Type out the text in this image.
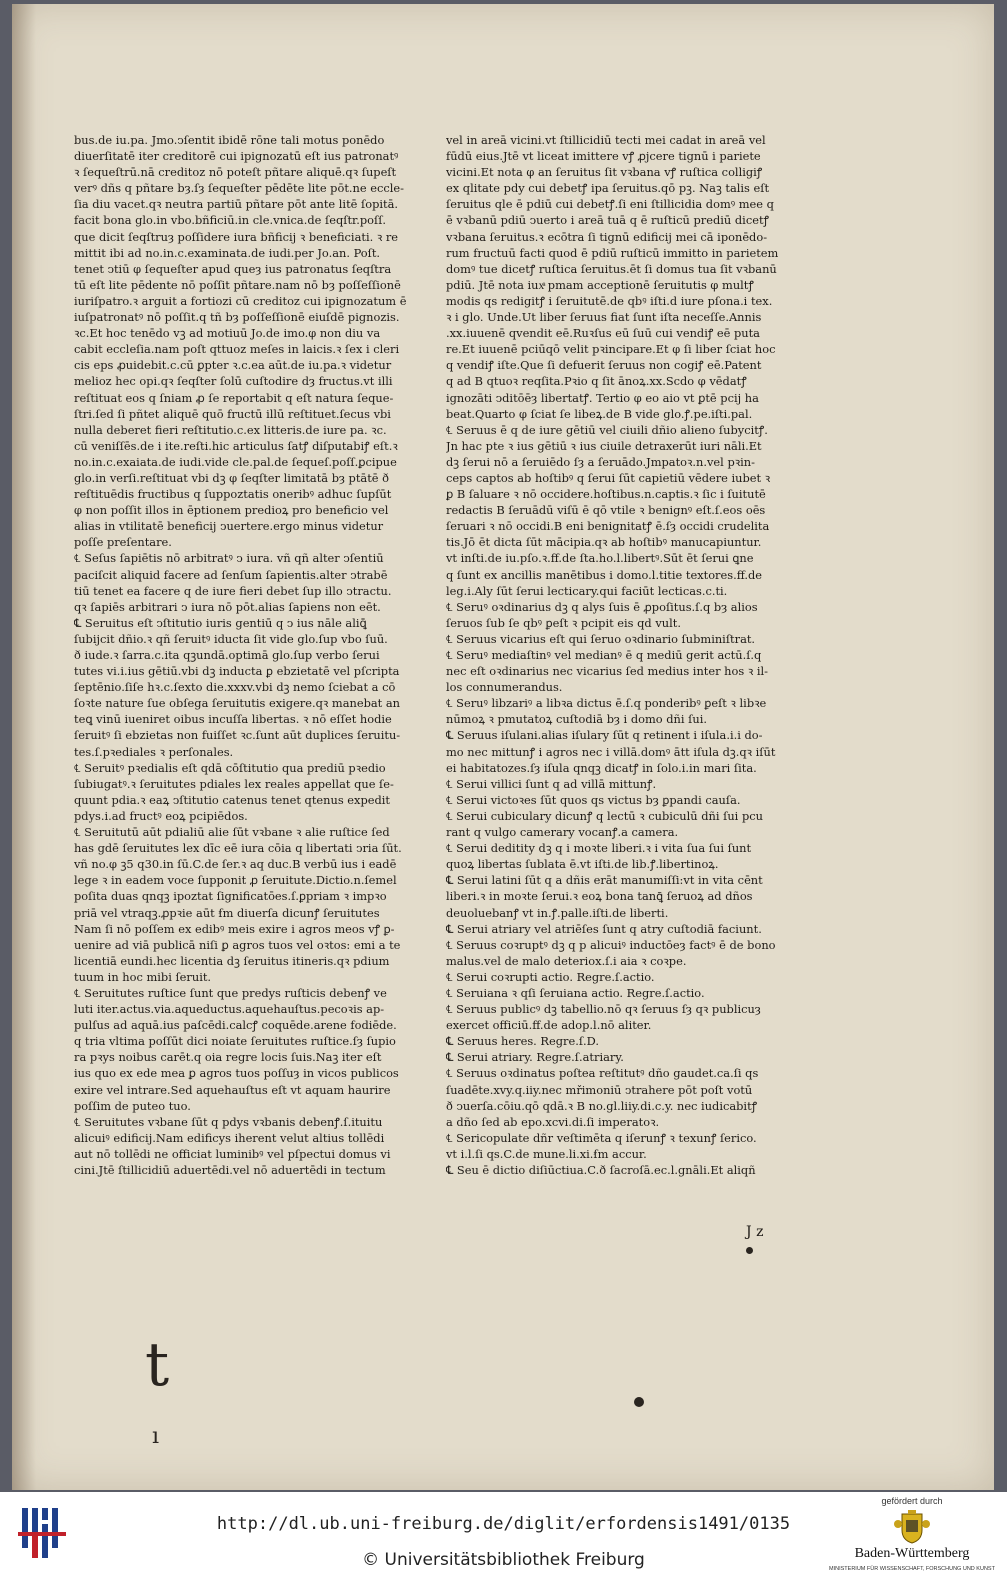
bus.de iu.pa. Jmo.ↄſentit ibidē rōne tali motus ponēdo
diuerſitatē iter creditorē cui ipignozatū eſt ius patronatꝰ
ꝛ ſequeſtrū.nā creditoz nō poteſt pñtare aliquē.qꝛ ſupeſt
verꝰ dñs q pñtare bȝ.ſȝ ſequeſter pēdēte lite pōt.ne eccle-
ſia diu vacet.qꝛ neutra partiū pñtare pōt ante litē ſopitā.
facit bona glo.in vbo.bñficiū.in cle.vnica.de ſeqſtr.poſſ.
que dicit ſeqſtruȝ poſſidere iura bñficij ꝛ beneficiati. ꝛ re
mittit ibi ad no.in.c.examinata.de iudi.per Jo.an. Poſt.
tenet ↄtiū φ ſequeſter apud queȝ ius patronatus ſeqſtra
tū eſt lite pēdente nō poſſit pñtare.nam nō bȝ poſſeſſionē
iuriſpatro.ꝛ arguit a fortiozi cū creditoz cui ipignozatum ē
iuſpatronatꝰ nō poſſit.q tñ bȝ poſſeſſionē eiuſdē pignozis.
ꝛc.Et hoc tenēdo vꝫ ad motiuū Jo.de imo.φ non diu va
cabit eccleſia.nam poſt qttuoz meſes in laicis.ꝛ ſex i cleri
cis eps ꝓuidebit.c.cū ꝑpter ꝛ.c.ea aūt.de iu.pa.ꝛ videtur
melioz hec opi.qꝛ ſeqſter ſolū cuſtodire dȝ fructus.vt illi
reſtituat eos q ſniam ꝓ ſe reportabit q eſt natura ſeque-
ſtri.ſed ſi pñtet aliquē quō fructū illū reſtituet.ſecus vbi
nulla deberet fieri reſtitutio.c.ex litteris.de iure pa. ꝛc.
cū veniſſēs.de i ite.reſti.hic articulus ſatꝭ diſputabiꝭ eſt.ꝛ
no.in.c.exaiata.de iudi.vide cle.pal.de ſequeſ.poſſ.ꝑcipue
glo.in verſi.reſtituat vbi dꝫ φ ſeqſter limitatā bȝ ptātē ð
reſtituēdis fructibus q ſuppoztatis oneribꝰ adhuc ſupſūt
φ non poſſit illos in ēptionem predioꝝ pro beneficio vel
alias in vtilitatē beneficij ↄuertere.ergo minus videtur
poſſe preſentare.
℄ Seſus ſapiētis nō arbitratꝰ ↄ iura. vñ qñ alter ↄſentiū
paciſcit aliquid facere ad ſenſum ſapientis.alter ↄtrabē
tiū tenet ea facere q de iure fieri debet ſup illo ↄtractu.
qꝛ ſapiēs arbitrari ↄ iura nō pōt.alias ſapiens non eēt.
℄ Seruitus eſt ↄſtitutio iuris gentiū q ↄ ius nāle aliꝗ̄
ſubijcit dñio.ꝛ qñ ſeruitꝰ iducta ſit vide glo.ſup vbo ſuū.
ð iude.ꝛ ſarra.c.ita qꝫundā.optimā glo.ſup verbo ſerui
tutes vi.i.ius gētiū.vbi dꝫ inducta ꝑ ebzietatē vel pſcripta
ſeptēnio.ſiſe hꝛ.c.ſexto die.xxxv.vbi dꝫ nemo ſciebat a cō
ſoꝛte nature ſue obſega ſeruitutis exigere.qꝛ manebat an
teꝗ vinū iueniret oibus incuſſa libertas. ꝛ nō eſſet hodie
ſeruitꝰ ſi ebzietas non fuiſſet ꝛc.ſunt aūt duplices ſeruitu-
tes.ſ.pꝛediales ꝛ perſonales.
℄ Seruitꝰ pꝛedialis eſt qdā cōſtitutio qua prediū pꝛedio
ſubiugatꝰ.ꝛ ſeruitutes pdiales lex reales appellat que ſe-
quunt pdia.ꝛ eaꝝ ↄſtitutio catenus tenet qtenus expedit
pdys.i.ad fructꝰ eoꝝ pcipiēdos.
℄ Seruitutū aūt pdialiū alie ſūt vꝛbane ꝛ alie ruſtice ſed
has gdē ſeruitutes lex dīc eē iura cōia q libertati ↄria ſūt.
vñ no.φ ꝫ5 q30.in ſū.C.de ſer.ꝛ aq duc.B verbū ius i eadē
lege ꝛ in eadem voce ſupponit ꝓ ſeruitute.Dictio.n.ſemel
poſita duas qnqꝫ ipoztat ſignificatōes.ſ.ꝑpriam ꝛ impꝛo
priā vel vtraqꝫ.ꝓpꝛie aūt ẜm diuerſa dicunꝭ ſeruitutes
Nam ſi nō poſſem ex edibꝰ meis exire i agros meos vꝭ ꝑ-
uenire ad viā publicā niſi ꝑ agros tuos vel oꝛtos: emi a te
licentiā eundi.hec licentia dꝫ ſeruitus itineris.qꝛ pdium
tuum in hoc mibi ſeruit.
℄ Seruitutes ruſtice ſunt que predys ruſticis debenꝭ ve
luti iter.actus.via.aqueductus.aquehauſtus.pecoꝛis ap-
pulſus ad aquā.ius paſcēdi.calcꝭ coquēde.arene fodiēde.
q tria vltima poſſūt dici noiate ſeruitutes ruſtice.ſȝ ſupio
ra pꝛys noibus carēt.q oia regre locis ſuis.Naꝫ iter eſt
ius quo ex ede mea ꝑ agros tuos poſſuȝ in vicos publicos
exire vel intrare.Sed aquehauſtus eſt vt aquam haurire
poſſim de puteo tuo.
℄ Seruitutes vꝛbane ſūt q pdys vꝛbanis debenꝭ.ſ.ituitu
alicuiꝰ edificij.Nam edificys iherent velut altius tollēdi
aut nō tollēdi ne officiat luminibꝰ vel pſpectui domus vi
cini.Jtē ſtillicidiū aduertēdi.vel nō aduertēdi in tectum
vel in areā vicini.vt ſtillicidiū tecti mei cadat in areā vel
fūdū eius.Jtē vt liceat imittere vꝭ ꝓjcere tignū i pariete
vicini.Et nota φ an ſeruitus ſit vꝛbana vꝭ ruſtica colligiꝭ
ex qlitate pdy cui debetꝭ ipa ſeruitus.qō pꝫ. Naꝫ talis eſt
ſeruitus qle ē pdiū cui debetꝭ.ſi eni ſtillicidia domꝰ mee q
ē vꝛbanū pdiū ↄuerto i areā tuā q ē ruſticū prediū dicetꝭ
vꝛbana ſeruitus.ꝛ ecōtra ſi tignū edificij mei cā iponēdo-
rum fructuū facti quod ē pdiū ruſticū immitto in parietem
domꝰ tue dicetꝭ ruſtica ſeruitus.ēt ſi domus tua ſit vꝛbanū
pdiū. Jtē nota iuxͣ pmam acceptionē ſeruitutis φ multꝭ
modis qs redigitꝭ i ſeruitutē.de qbꝰ iſti.d iure pſona.i tex.
ꝛ i glo. Unde.Ut liber ſeruus fiat ſunt iſta neceſſe.Annis
.xx.iuuenē qvendit eē.Ruꝛſus eū ſuū cui vendiꝭ eē puta
re.Et iuuenē pciūqō velit pꝛincipare.Et φ ſi liber ſciat hoc
q vendiꝭ iſte.Que ſi defuerit ſeruus non cogiꝭ eē.Patent
q ad B qtuoꝛ reqſita.Pꝛio q ſit ānoꝝ.xx.Scdo φ vēdatꝭ
ignozāti ↄditōēȝ libertatꝭ. Tertio φ eo aio vt ꝑtē pcij ha
beat.Quarto φ ſciat ſe libeꝝ.de B vide glo.ꝭ.pe.iſti.pal.
℄ Seruus ē q de iure gētiū vel ciuili dñio alieno ſubycitꝭ.
Jn hac pte ꝛ ius gētiū ꝛ ius ciuile detraxerūt iuri nāli.Et
dꝫ ſerui nō a ſeruiēdo ſȝ a ſeruādo.Jmpatoꝛ.n.vel pꝛin-
ceps captos ab hoſtibꝰ q ſerui ſūt capietiū vēdere iubet ꝛ
ꝑ B ſaluare ꝛ nō occidere.hoſtibus.n.captis.ꝛ ſic i ſuitutē
redactis B ſeruādū viſū ē qō vtile ꝛ benignꝰ eſt.ſ.eos oēs
ſeruari ꝛ nō occidi.B eni benignitatꝭ ē.ſȝ occidi crudelita
tis.Jō ēt dicta ſūt mācipia.qꝛ ab hoſtibꝰ manucapiuntur.
vt inſti.de iu.pſo.ꝛ.ff.de ſta.ho.l.libertꝰ.Sūt ēt ſerui ꝗne
q ſunt ex ancillis manētibus i domo.l.titie textores.ff.de
leg.i.Aly ſūt ſerui lecticary.qui faciūt lecticas.c.ti.
℄ Seruꝰ oꝛdinarius dꝫ q alys ſuis ē ꝓpoſitus.ſ.q bȝ alios
ſeruos ſub ſe qbꝰ ꝑeſt ꝛ pcipit eis qd vult.
℄ Seruus vicarius eſt qui ſeruo oꝛdinario ſubminiſtrat.
℄ Seruꝰ mediaſtinꝰ vel medianꝰ ē q mediū gerit actū.ſ.q
nec eſt oꝛdinarius nec vicarius ſed medius inter hos ꝛ il-
los connumerandus.
℄ Seruꝰ libzariꝰ a libꝛa dictus ē.ſ.q ponderibꝰ ꝑeſt ꝛ libꝛe
nūmoꝝ ꝛ pmutatoꝝ cuſtodiā bȝ i domo dñi ſui.
℄ Seruus iſulani.alias iſulary ſūt q retinent i iſula.i.i do-
mo nec mittunꝭ i agros nec i villā.domꝰ ātt iſula dꝫ.qꝛ iſūt
ei habitatozes.ſȝ iſula qnqꝫ dicatꝭ in ſolo.i.in mari ſita.
℄ Serui villici ſunt q ad villā mittunꝭ.
℄ Serui victoꝛes ſūt quos qs victus bȝ ꝑpandi cauſa.
℄ Serui cubiculary dicunꝭ q lectū ꝛ cubiculū dñi ſui pcu
rant q vulgo camerary vocanꝭ.a camera.
℄ Serui deditity dꝫ q i moꝛte liberi.ꝛ i vita ſua ſui ſunt
quoꝝ libertas ſublata ē.vt iſti.de lib.ꝭ.libertinoꝝ.
℄ Serui latini ſūt q a dñis erāt manumiſſi:vt in vita cēnt
liberi.ꝛ in moꝛte ſerui.ꝛ eoꝝ bona tanꝗ̄ ſeruoꝝ ad dños
deuoluebanꝭ vt in.ꝭ.palle.iſti.de liberti.
℄ Serui atriary vel atriēſes ſunt q atry cuſtodiā faciunt.
℄ Seruus coꝛruptꝰ dꝫ q p alicuiꝰ inductōeȝ factꝰ ē de bono
malus.vel de malo deteriox.ſ.i aia ꝛ coꝛpe.
℄ Serui coꝛrupti actio. Regre.ſ.actio.
℄ Seruiana ꝛ qſi ſeruiana actio. Regre.ſ.actio.
℄ Seruus publicꝰ dꝫ tabellio.nō qꝛ ſeruus ſȝ qꝛ publicuȝ
exercet officiū.ff.de adop.l.nō aliter.
℄ Seruus heres. Regre.ſ.D.
℄ Serui atriary. Regre.ſ.atriary.
℄ Seruus oꝛdinatus poſtea reſtitutꝰ dño gaudet.ca.ſi qs
ſuadēte.xvy.q.iiy.nec mřimoniū ↄtrahere pōt poſt votū
ð ↄuerſa.cōiu.qō qdā.ꝛ B no.gl.liiy.di.c.y. nec iudicabitꝭ
a dño ſed ab epo.xcvi.di.ſi imperatoꝛ.
℄ Sericopulate dñr veſtimēta q iſerunꝭ ꝛ texunꝭ ſerico.
vt i.l.ſi qs.C.de mune.li.xi.ẜm accur.
℄ Seu ē dictio diſiūctiua.C.ð ſacroſā.ec.l.gnāli.Et aliqñ
J z
t
ı
http://dl.ub.uni-freiburg.de/diglit/erfordensis1491/0135
© Universitätsbibliothek Freiburg
gefördert durch
Baden-Württemberg
MINISTERIUM FÜR WISSENSCHAFT, FORSCHUNG UND KUNST
